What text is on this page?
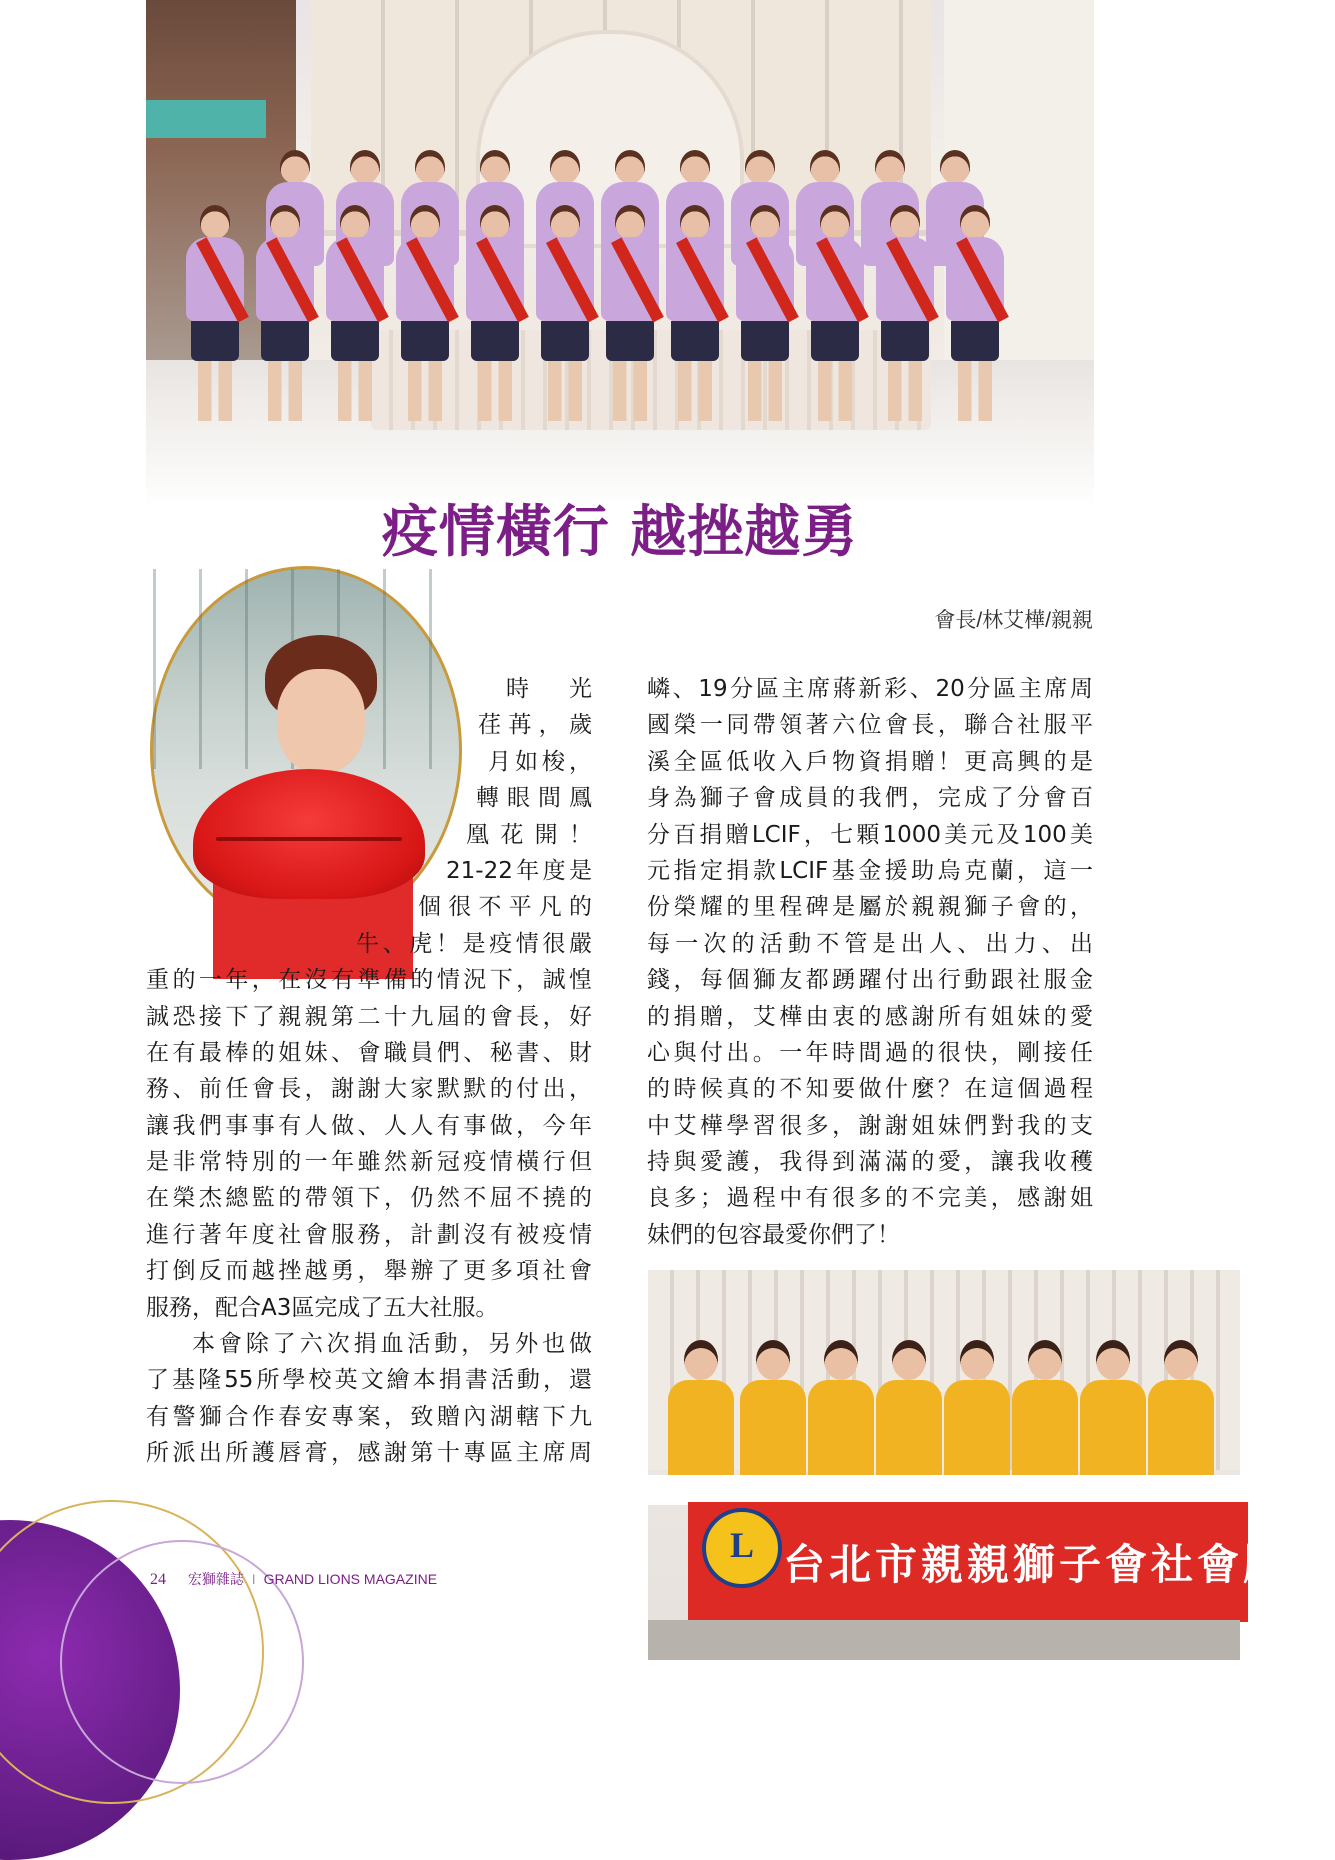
疫情橫行 越挫越勇
會長/林艾樺/親親
時 光
荏苒，歲
月如梭，
轉眼間鳳
凰花開！
21-22年度是
個很不平凡的
牛、虎！是疫情很嚴
重的一年，在沒有準備的情況下，誠惶
誠恐接下了親親第二十九屆的會長，好
在有最棒的姐妹、會職員們、秘書、財
務、前任會長，謝謝大家默默的付出，
讓我們事事有人做、人人有事做，今年
是非常特別的一年雖然新冠疫情橫行但
在榮杰總監的帶領下，仍然不屈不撓的
進行著年度社會服務，計劃沒有被疫情
打倒反而越挫越勇，舉辦了更多項社會
服務，配合A3區完成了五大社服。
本會除了六次捐血活動，另外也做
了基隆55所學校英文繪本捐書活動，還
有警獅合作春安專案，致贈內湖轄下九
所派出所護唇膏，感謝第十專區主席周
嶙、19分區主席蔣新彩、20分區主席周
國榮一同帶領著六位會長，聯合社服平
溪全區低收入戶物資捐贈！更高興的是
身為獅子會成員的我們，完成了分會百
分百捐贈LCIF，七顆1000美元及100美
元指定捐款LCIF基金援助烏克蘭，這一
份榮耀的里程碑是屬於親親獅子會的，
每一次的活動不管是出人、出力、出
錢，每個獅友都踴躍付出行動跟社服金
的捐贈，艾樺由衷的感謝所有姐妹的愛
心與付出。一年時間過的很快，剛接任
的時候真的不知要做什麼？在這個過程
中艾樺學習很多，謝謝姐妹們對我的支
持與愛護，我得到滿滿的愛，讓我收穫
良多；過程中有很多的不完美，感謝姐
妹們的包容最愛你們了！
L
台北市親親獅子會社會服務
24 宏獅雜誌 I GRAND LIONS MAGAZINE
